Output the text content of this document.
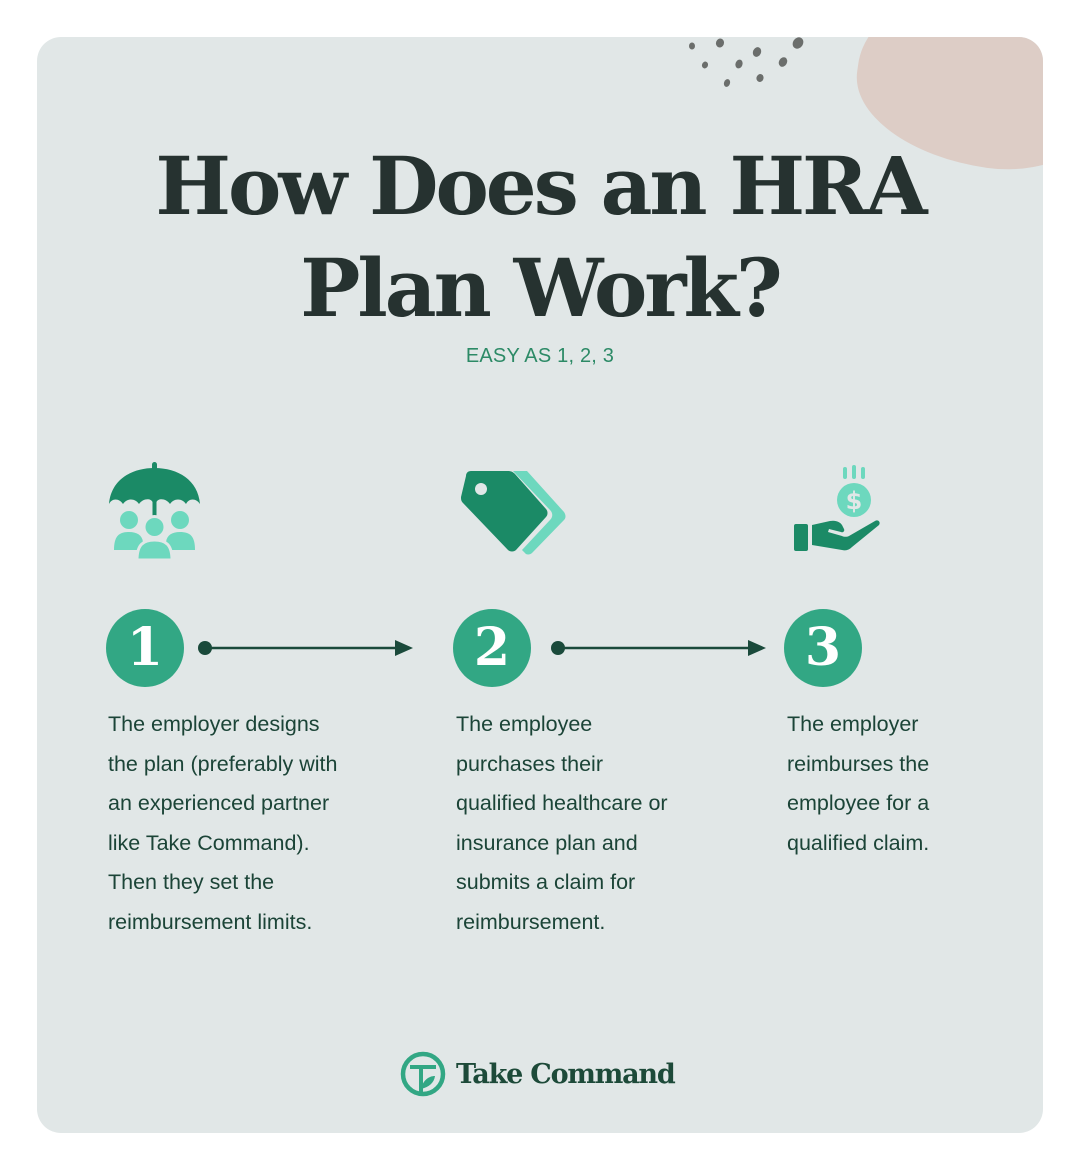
How Does an HRA
Plan Work?
EASY AS 1, 2, 3
$
1	2	3
The employer designs
the plan (preferably with
an experienced partner
like Take Command).
Then they set the
reimbursement limits.
The employee
purchases their
qualified healthcare or
insurance plan and
submits a claim for
reimbursement.
The employer
reimburses the
employee for a
qualified claim.
Take Command
